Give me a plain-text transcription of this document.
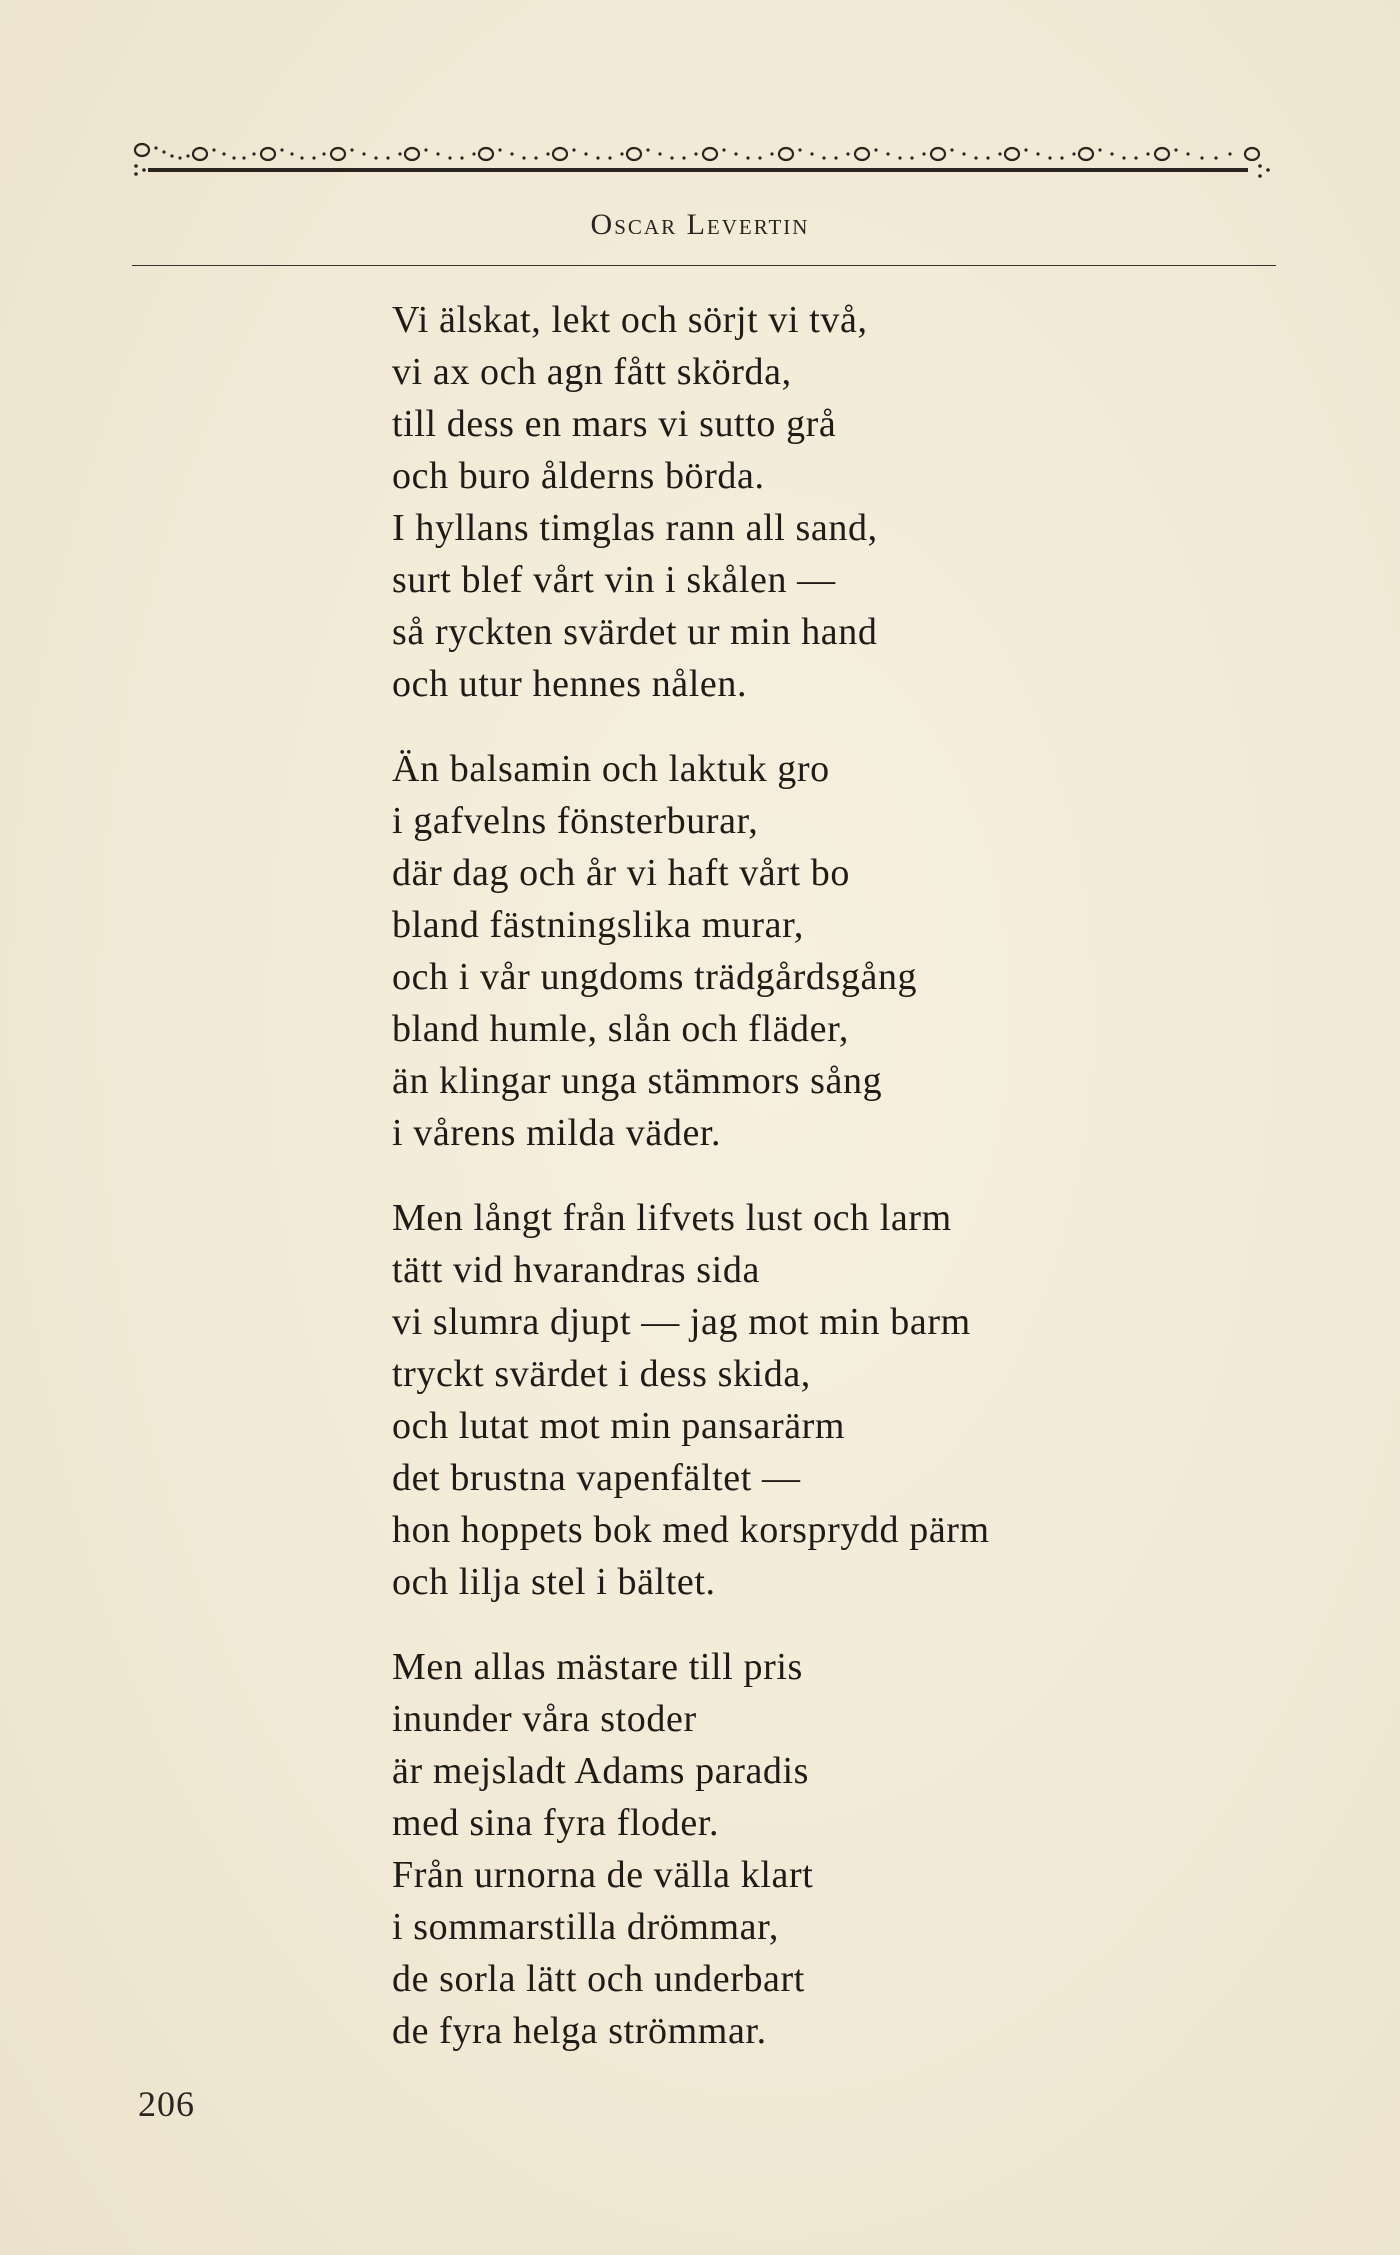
Oscar Levertin
Vi älskat, lekt och sörjt vi två,
vi ax och agn fått skörda,
till dess en mars vi sutto grå
och buro ålderns börda.
I hyllans timglas rann all sand,
surt blef vårt vin i skålen —
så ryckten svärdet ur min hand
och utur hennes nålen.
Än balsamin och laktuk gro
i gafvelns fönsterburar,
där dag och år vi haft vårt bo
bland fästningslika murar,
och i vår ungdoms trädgårdsgång
bland humle, slån och fläder,
än klingar unga stämmors sång
i vårens milda väder.
Men långt från lifvets lust och larm
tätt vid hvarandras sida
vi slumra djupt — jag mot min barm
tryckt svärdet i dess skida,
och lutat mot min pansarärm
det brustna vapenfältet —
hon hoppets bok med korsprydd pärm
och lilja stel i bältet.
Men allas mästare till pris
inunder våra stoder
är mejsladt Adams paradis
med sina fyra floder.
Från urnorna de välla klart
i sommarstilla drömmar,
de sorla lätt och underbart
de fyra helga strömmar.
206
